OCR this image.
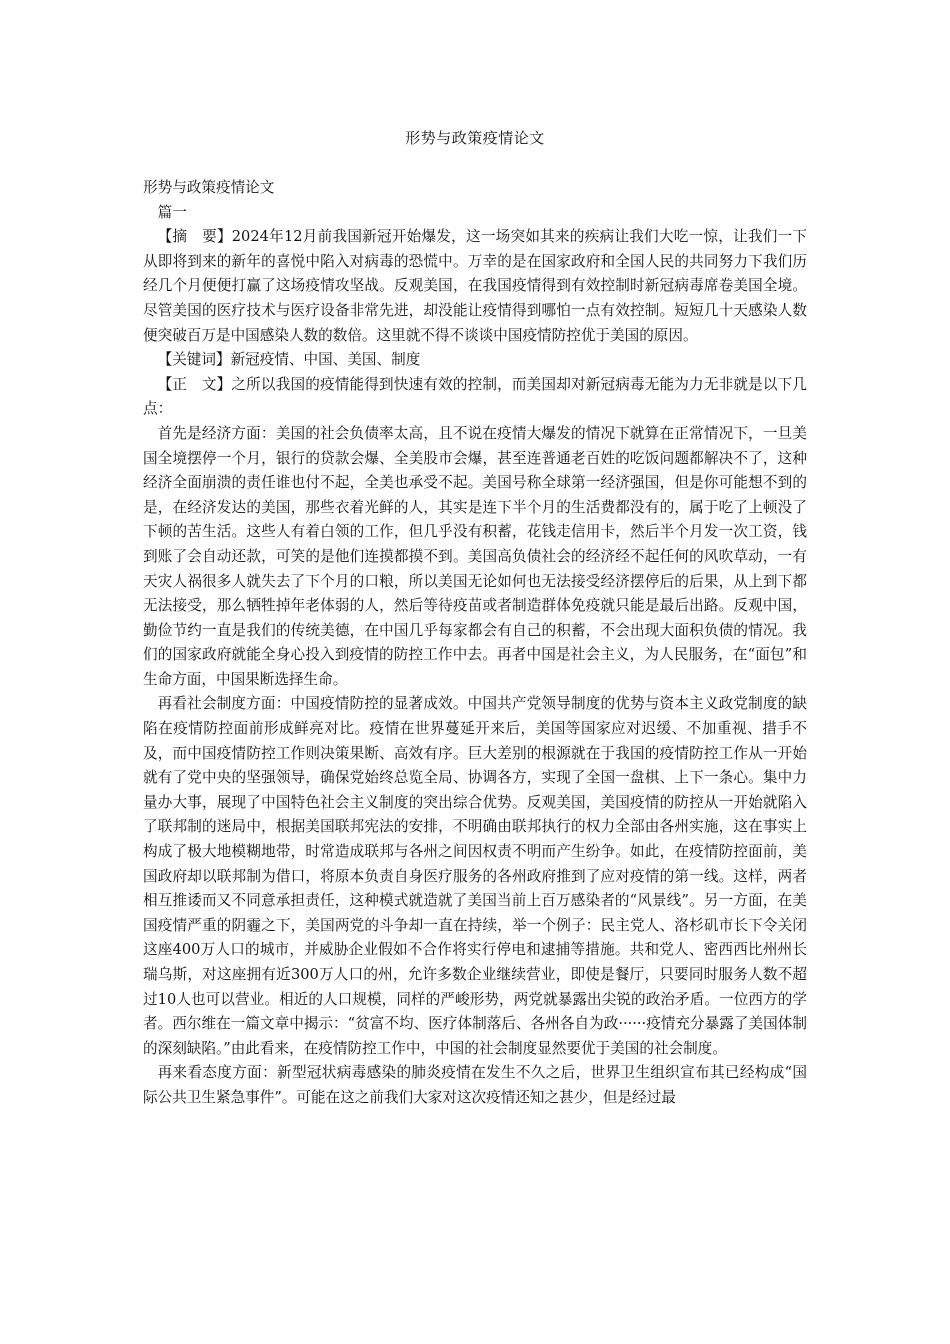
形势与政策疫情论文

形势与政策疫情论文

篇一

【摘　要】2024年12月前我国新冠开始爆发，这一场突如其来的疾病让我们大吃一惊，让我们一下从即将到来的新年的喜悦中陷入对病毒的恐慌中。万幸的是在国家政府和全国人民的共同努力下我们历经几个月便便打赢了这场疫情攻坚战。反观美国，在我国疫情得到有效控制时新冠病毒席卷美国全境。尽管美国的医疗技术与医疗设备非常先进，却没能让疫情得到哪怕一点有效控制。短短几十天感染人数便突破百万是中国感染人数的数倍。这里就不得不谈谈中国疫情防控优于美国的原因。

【关键词】新冠疫情、中国、美国、制度

【正　文】之所以我国的疫情能得到快速有效的控制，而美国却对新冠病毒无能为力无非就是以下几点：

首先是经济方面：美国的社会负债率太高，且不说在疫情大爆发的情况下就算在正常情况下，一旦美国全境摆停一个月，银行的贷款会爆、全美股市会爆，甚至连普通老百姓的吃饭问题都解决不了，这种经济全面崩溃的责任谁也付不起，全美也承受不起。美国号称全球第一经济强国，但是你可能想不到的是，在经济发达的美国，那些衣着光鲜的人，其实是连下半个月的生活费都没有的，属于吃了上顿没了下顿的苦生活。这些人有着白领的工作，但几乎没有积蓄，花钱走信用卡，然后半个月发一次工资，钱到账了会自动还款，可笑的是他们连摸都摸不到。美国高负债社会的经济经不起任何的风吹草动，一有天灾人祸很多人就失去了下个月的口粮，所以美国无论如何也无法接受经济摆停后的后果，从上到下都无法接受，那么牺牲掉年老体弱的人，然后等待疫苗或者制造群体免疫就只能是最后出路。反观中国，勤俭节约一直是我们的传统美德，在中国几乎每家都会有自己的积蓄，不会出现大面积负债的情况。我们的国家政府就能全身心投入到疫情的防控工作中去。再者中国是社会主义，为人民服务，在“面包”和生命方面，中国果断选择生命。

再看社会制度方面：中国疫情防控的显著成效。中国共产党领导制度的优势与资本主义政党制度的缺陷在疫情防控面前形成鲜亮对比。疫情在世界蔓延开来后，美国等国家应对迟缓、不加重视、措手不及，而中国疫情防控工作则决策果断、高效有序。巨大差别的根源就在于我国的疫情防控工作从一开始就有了党中央的坚强领导，确保党始终总览全局、协调各方，实现了全国一盘棋、上下一条心。集中力量办大事，展现了中国特色社会主义制度的突出综合优势。反观美国，美国疫情的防控从一开始就陷入了联邦制的迷局中，根据美国联邦宪法的安排，不明确由联邦执行的权力全部由各州实施，这在事实上构成了极大地模糊地带，时常造成联邦与各州之间因权责不明而产生纷争。如此，在疫情防控面前，美国政府却以联邦制为借口，将原本负责自身医疗服务的各州政府推到了应对疫情的第一线。这样，两者相互推诿而又不同意承担责任，这种模式就造就了美国当前上百万感染者的“风景线”。另一方面，在美国疫情严重的阴霾之下，美国两党的斗争却一直在持续，举一个例子：民主党人、洛杉矶市长下令关闭这座400万人口的城市，并威胁企业假如不合作将实行停电和逮捕等措施。共和党人、密西西比州州长瑞乌斯，对这座拥有近300万人口的州，允许多数企业继续营业，即使是餐厅，只要同时服务人数不超过10人也可以营业。相近的人口规模，同样的严峻形势，两党就暴露出尖锐的政治矛盾。一位西方的学者。西尔维在一篇文章中揭示：“贫富不均、医疗体制落后、各州各自为政······疫情充分暴露了美国体制的深刻缺陷。”由此看来，在疫情防控工作中，中国的社会制度显然要优于美国的社会制度。

再来看态度方面：新型冠状病毒感染的肺炎疫情在发生不久之后，世界卫生组织宣布其已经构成“国际公共卫生紧急事件”。可能在这之前我们大家对这次疫情还知之甚少，但是经过最
